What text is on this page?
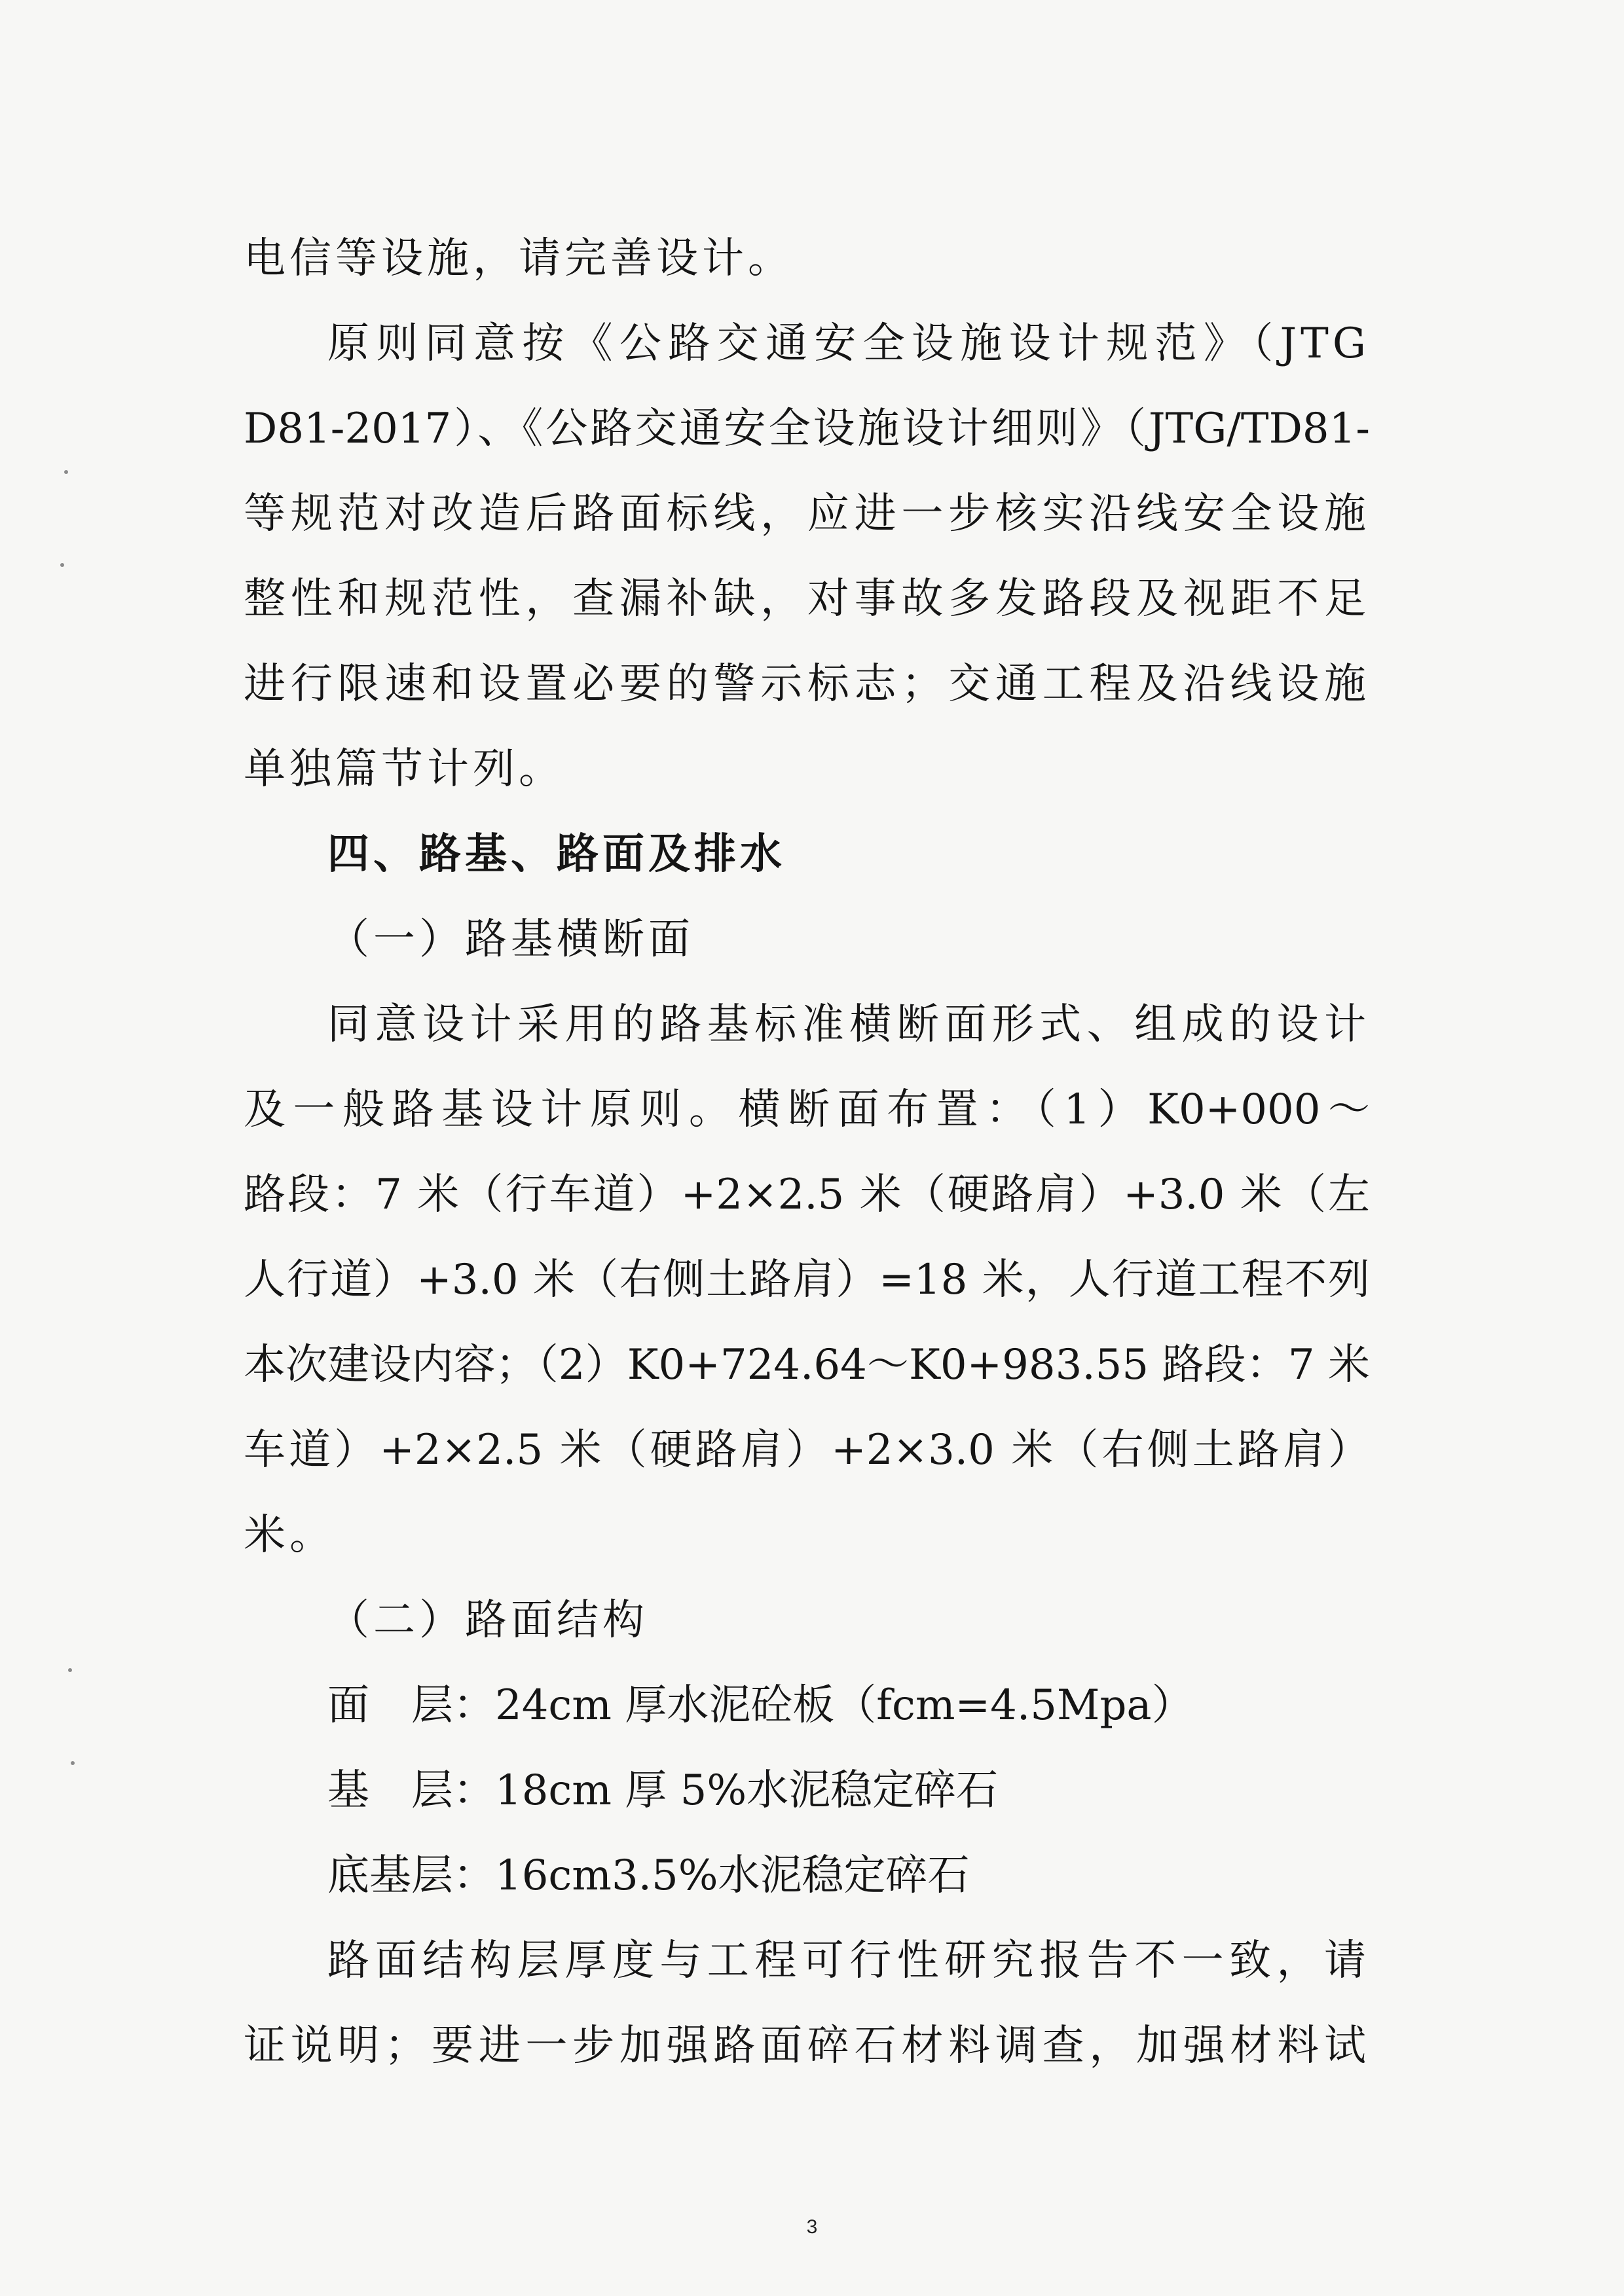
电信等设施，请完善设计。
原则同意按《公路交通安全设施设计规范》（JTG
D81-2017）、《公路交通安全设施设计细则》（JTG/TD81-
等规范对改造后路面标线，应进一步核实沿线安全设施
整性和规范性，查漏补缺，对事故多发路段及视距不足
进行限速和设置必要的警示标志；交通工程及沿线设施
单独篇节计列。
四、路基、路面及排水
（一）路基横断面
同意设计采用的路基标准横断面形式、组成的设计
及一般路基设计原则。横断面布置：（1）K0+000～
路段：7 米（行车道）+2×2.5 米（硬路肩）+3.0 米（左
人行道）+3.0 米（右侧土路肩）=18 米，人行道工程不列
本次建设内容；（2）K0+724.64～K0+983.55 路段：7 米
车道）+2×2.5 米（硬路肩）+2×3.0 米（右侧土路肩）
米。
（二）路面结构
面　层：24cm 厚水泥砼板（fcm=4.5Mpa）
基　层：18cm 厚 5%水泥稳定碎石
底基层：16cm3.5%水泥稳定碎石
路面结构层厚度与工程可行性研究报告不一致，请
证说明；要进一步加强路面碎石材料调查，加强材料试
3
